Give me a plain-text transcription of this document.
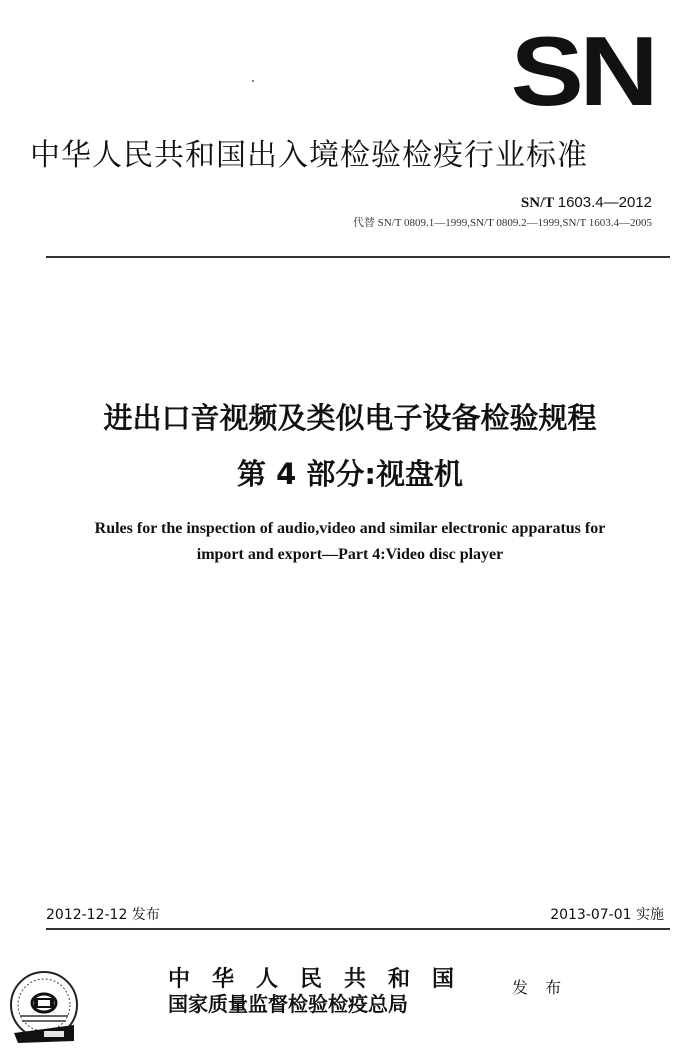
SN
中华人民共和国出入境检验检疫行业标准
SN/T 1603.4—2012
代替 SN/T 0809.1—1999,SN/T 0809.2—1999,SN/T 1603.4—2005
进出口音视频及类似电子设备检验规程
第 4 部分:视盘机
Rules for the inspection of audio,video and similar electronic apparatus for
import and export—Part 4:Video disc player
2012-12-12 发布	2013-07-01 实施
中华人民共和国
国家质量监督检验检疫总局
发 布
